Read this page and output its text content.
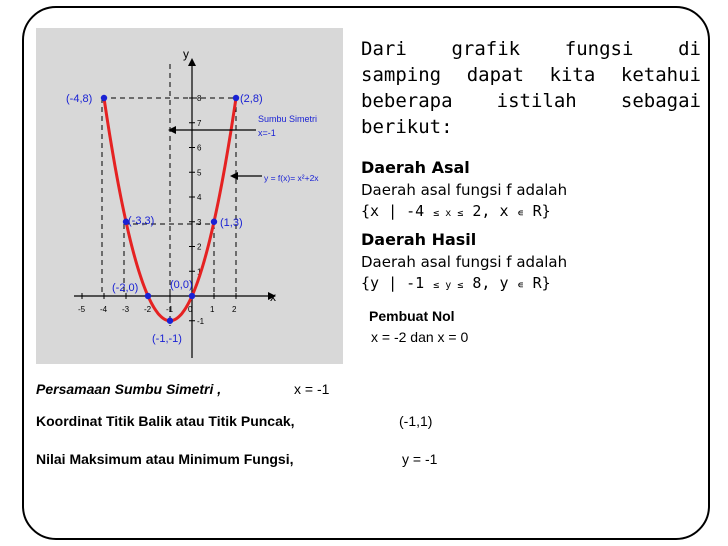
x
y
-5 -4 -3 -2 -1 0 1 2
8
7
6
5
4
3
2
1
-1
Sumbu Simetri
x=-1
y = f(x)= x²+2x
(-4,8)	(2,8)
(-3,3)	(1,3)
(-2,0)	(0,0)
(-1,-1)
Dari grafik fungsi di
samping dapat kita ketahui
beberapa istilah sebagai
berikut:
Daerah Asal
Daerah asal fungsi f adalah
{x | -4 ≤ x ≤ 2, x ∊ R}
Daerah Hasil
Daerah asal fungsi f adalah
{y | -1 ≤ y ≤ 8, y ∊ R}
Pembuat Nol
x = -2 dan x = 0
Persamaan Sumbu Simetri ,	x = -1
Koordinat Titik Balik atau Titik Puncak,	(-1,1)
Nilai Maksimum atau Minimum Fungsi,	y = -1
